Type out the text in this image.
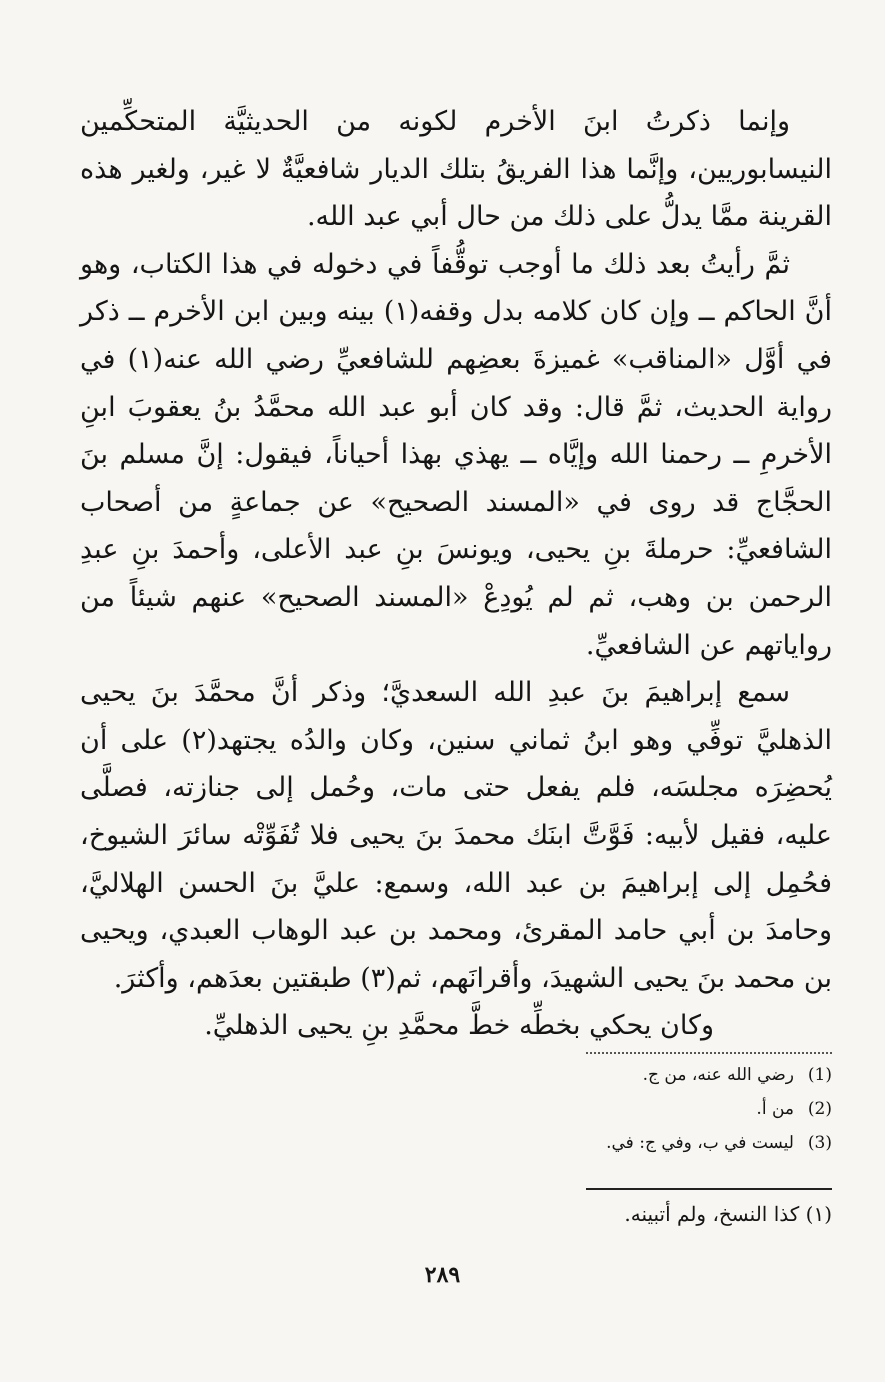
وإنما ذكرتُ ابنَ الأخرم لكونه من الحديثيَّة المتحكِّمين النيسابوريين، وإنَّما هذا الفريقُ بتلك الديار شافعيَّةٌ لا غير، ولغير هذه القرينة ممَّا يدلُّ على ذلك من حال أبي عبد الله.

ثمَّ رأيتُ بعد ذلك ما أوجب توقُّفاً في دخوله في هذا الكتاب، وهو أنَّ الحاكم ــ وإن كان كلامه بدل وقفه(١) بينه وبين ابن الأخرم ــ ذكر في أوَّل «المناقب» غميزةَ بعضِهم للشافعيِّ رضي الله عنه(١) في رواية الحديث، ثمَّ قال: وقد كان أبو عبد الله محمَّدُ بنُ يعقوبَ ابنِ الأخرمِ ــ رحمنا الله وإيَّاه ــ يهذي بهذا أحياناً، فيقول: إنَّ مسلم بنَ الحجَّاج قد روى في «المسند الصحيح» عن جماعةٍ من أصحاب الشافعيِّ: حرملةَ بنِ يحيى، ويونسَ بنِ عبد الأعلى، وأحمدَ بنِ عبدِ الرحمن بن وهب، ثم لم يُودِعْ «المسند الصحيح» عنهم شيئاً من رواياتهم عن الشافعيِّ.

سمع إبراهيمَ بنَ عبدِ الله السعديَّ؛ وذكر أنَّ محمَّدَ بنَ يحيى الذهليَّ توفِّي وهو ابنُ ثماني سنين، وكان والدُه يجتهد(٢) على أن يُحضِرَه مجلسَه، فلم يفعل حتى مات، وحُمل إلى جنازته، فصلَّى عليه، فقيل لأبيه: فَوَّتَّ ابنَك محمدَ بنَ يحيى فلا تُفَوِّتْه سائرَ الشيوخ، فحُمِل إلى إبراهيمَ بن عبد الله، وسمع: عليَّ بنَ الحسن الهلاليَّ، وحامدَ بن أبي حامد المقرئ، ومحمد بن عبد الوهاب العبدي، ويحيى بن محمد بنَ يحيى الشهيدَ، وأقرانَهم، ثم(٣) طبقتين بعدَهم، وأكثرَ.

وكان يحكي بخطِّه خطَّ محمَّدِ بنِ يحيى الذهليِّ.

(1)رضي الله عنه، من ج.
(2)من أ.
(3)ليست في ب، وفي ج: في.
(١) كذا النسخ، ولم أتبينه.
٢٨٩
